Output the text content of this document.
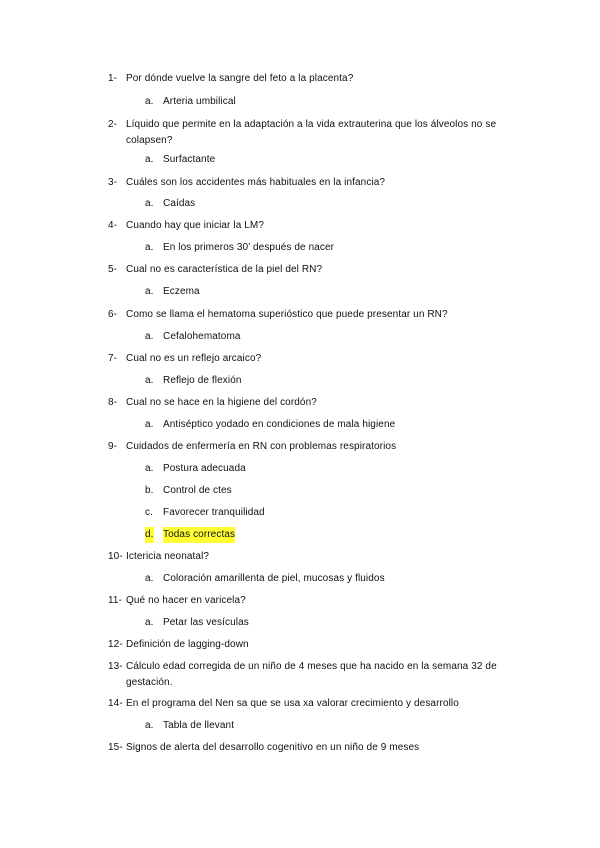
1- Por dónde vuelve la sangre del feto a la placenta?
a. Arteria umbilical
2- Líquido que permite en la adaptación a la vida extrauterina que los álveolos no se colapsen?
a. Surfactante
3- Cuáles son los accidentes más habituales en la infancia?
a. Caídas
4- Cuando hay que iniciar la LM?
a. En los primeros 30’ después de nacer
5- Cual no es característica de la piel del RN?
a. Eczema
6- Como se llama el hematoma superióstico que puede presentar un RN?
a. Cefalohematoma
7- Cual no es un reflejo arcaico?
a. Reflejo de flexión
8- Cual no se hace en la higiene del cordón?
a. Antiséptico yodado en condiciones de mala higiene
9- Cuidados de enfermería en RN con problemas respiratorios
a. Postura adecuada
b. Control de ctes
c. Favorecer tranquilidad
d. Todas correctas
10- Ictericia neonatal?
a. Coloración amarillenta de piel, mucosas y fluidos
11- Qué no hacer en varicela?
a. Petar las vesículas
12- Definición de lagging-down
13- Cálculo edad corregida de un niño de 4 meses que ha nacido en la semana 32 de gestación.
14- En el programa del Nen sa que se usa xa valorar crecimiento y desarrollo
a. Tabla de llevant
15- Signos de alerta del desarrollo cogenitivo en un niño de 9 meses
